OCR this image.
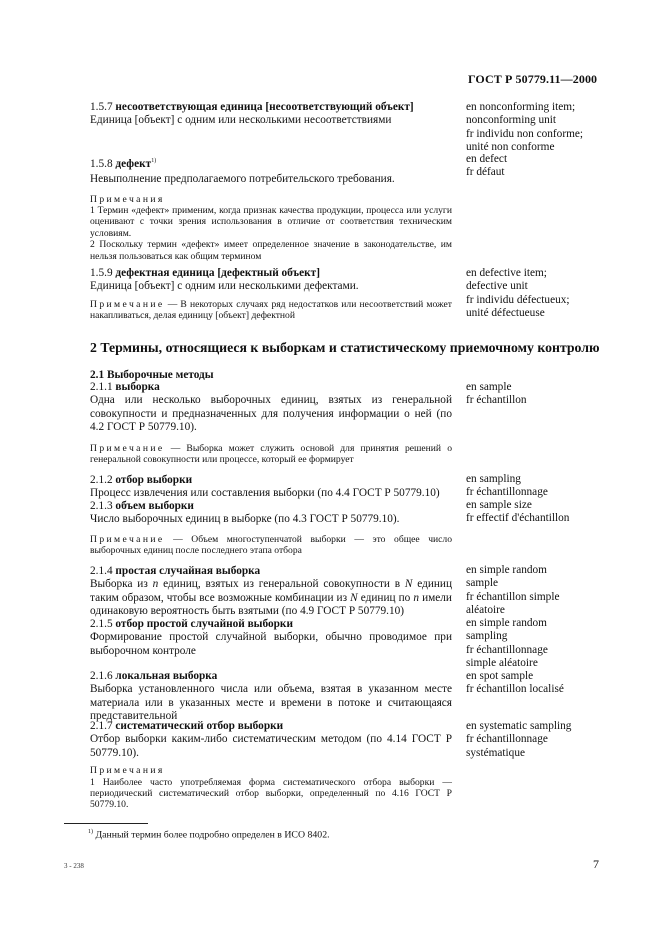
ГОСТ Р 50779.11—2000

1.5.7 несоответствующая единица [несоответствующий объект]

Единица [объект] с одним или несколькими несоответствиями

en nonconforming item;
nonconforming unit
fr individu non conforme;
unité non conforme

1.5.8 дефект$^{1)}$

Невыполнение предполагаемого потребительского требования.

Примечания

1 Термин «дефект» применим, когда признак качества продукции, процесса или услуги оценивают с точки зрения использования в отличие от соответствия техническим условиям.

2 Поскольку термин «дефект» имеет определенное значение в законодательстве, им нельзя пользоваться как общим термином

en defect
fr défaut

1.5.9 дефектная единица [дефектный объект]

Единица [объект] с одним или несколькими дефектами.

Примечание — В некоторых случаях ряд недостатков или несоответствий может накапливаться, делая единицу [объект] дефектной

en defective item;
defective unit
fr individu défectueux;
unité défectueuse
2 Термины, относящиеся к выборкам и статистическому приемочному контролю
2.1 Выборочные методы

2.1.1 выборка

Одна или несколько выборочных единиц, взятых из генеральной совокупности и предназначенных для получения информации о ней (по 4.2 ГОСТ Р 50779.10).

Примечание — Выборка может служить основой для принятия решений о генеральной совокупности или процессе, который ее формирует

en sample
fr échantillon

2.1.2 отбор выборки

Процесс извлечения или составления выборки (по 4.4 ГОСТ Р 50779.10)

2.1.3 объем выборки

Число выборочных единиц в выборке (по 4.3 ГОСТ Р 50779.10).

Примечание — Объем многоступенчатой выборки — это общее число выборочных единиц после последнего этапа отбора

en sampling
fr échantillonnage
en sample size
fr effectif d'échantillon

2.1.4 простая случайная выборка

Выборка из n единиц, взятых из генеральной совокупности в N единиц таким образом, чтобы все возможные комбинации из N единиц по n имели одинаковую вероятность быть взятыми (по 4.9 ГОСТ Р 50779.10)

en simple random
sample
fr échantillon simple
aléatoire

2.1.5 отбор простой случайной выборки

Формирование простой случайной выборки, обычно проводимое при выборочном контроле

en simple random
sampling
fr échantillonnage
simple aléatoire

2.1.6 локальная выборка

Выборка установленного числа или объема, взятая в указанном месте материала или в указанных месте и времени в потоке и считающаяся представительной

en spot sample
fr échantillon localisé

2.1.7 систематический отбор выборки

Отбор выборки каким-либо систематическим методом (по 4.14 ГОСТ Р 50779.10).

Примечания

1 Наиболее часто употребляемая форма систематического отбора выборки — периодический систематический отбор выборки, определенный по 4.16 ГОСТ Р 50779.10.

en systematic sampling
fr échantillonnage
systématique
$^{1)}$ Данный термин более подробно определен в ИСО 8402.
3 - 238	7
